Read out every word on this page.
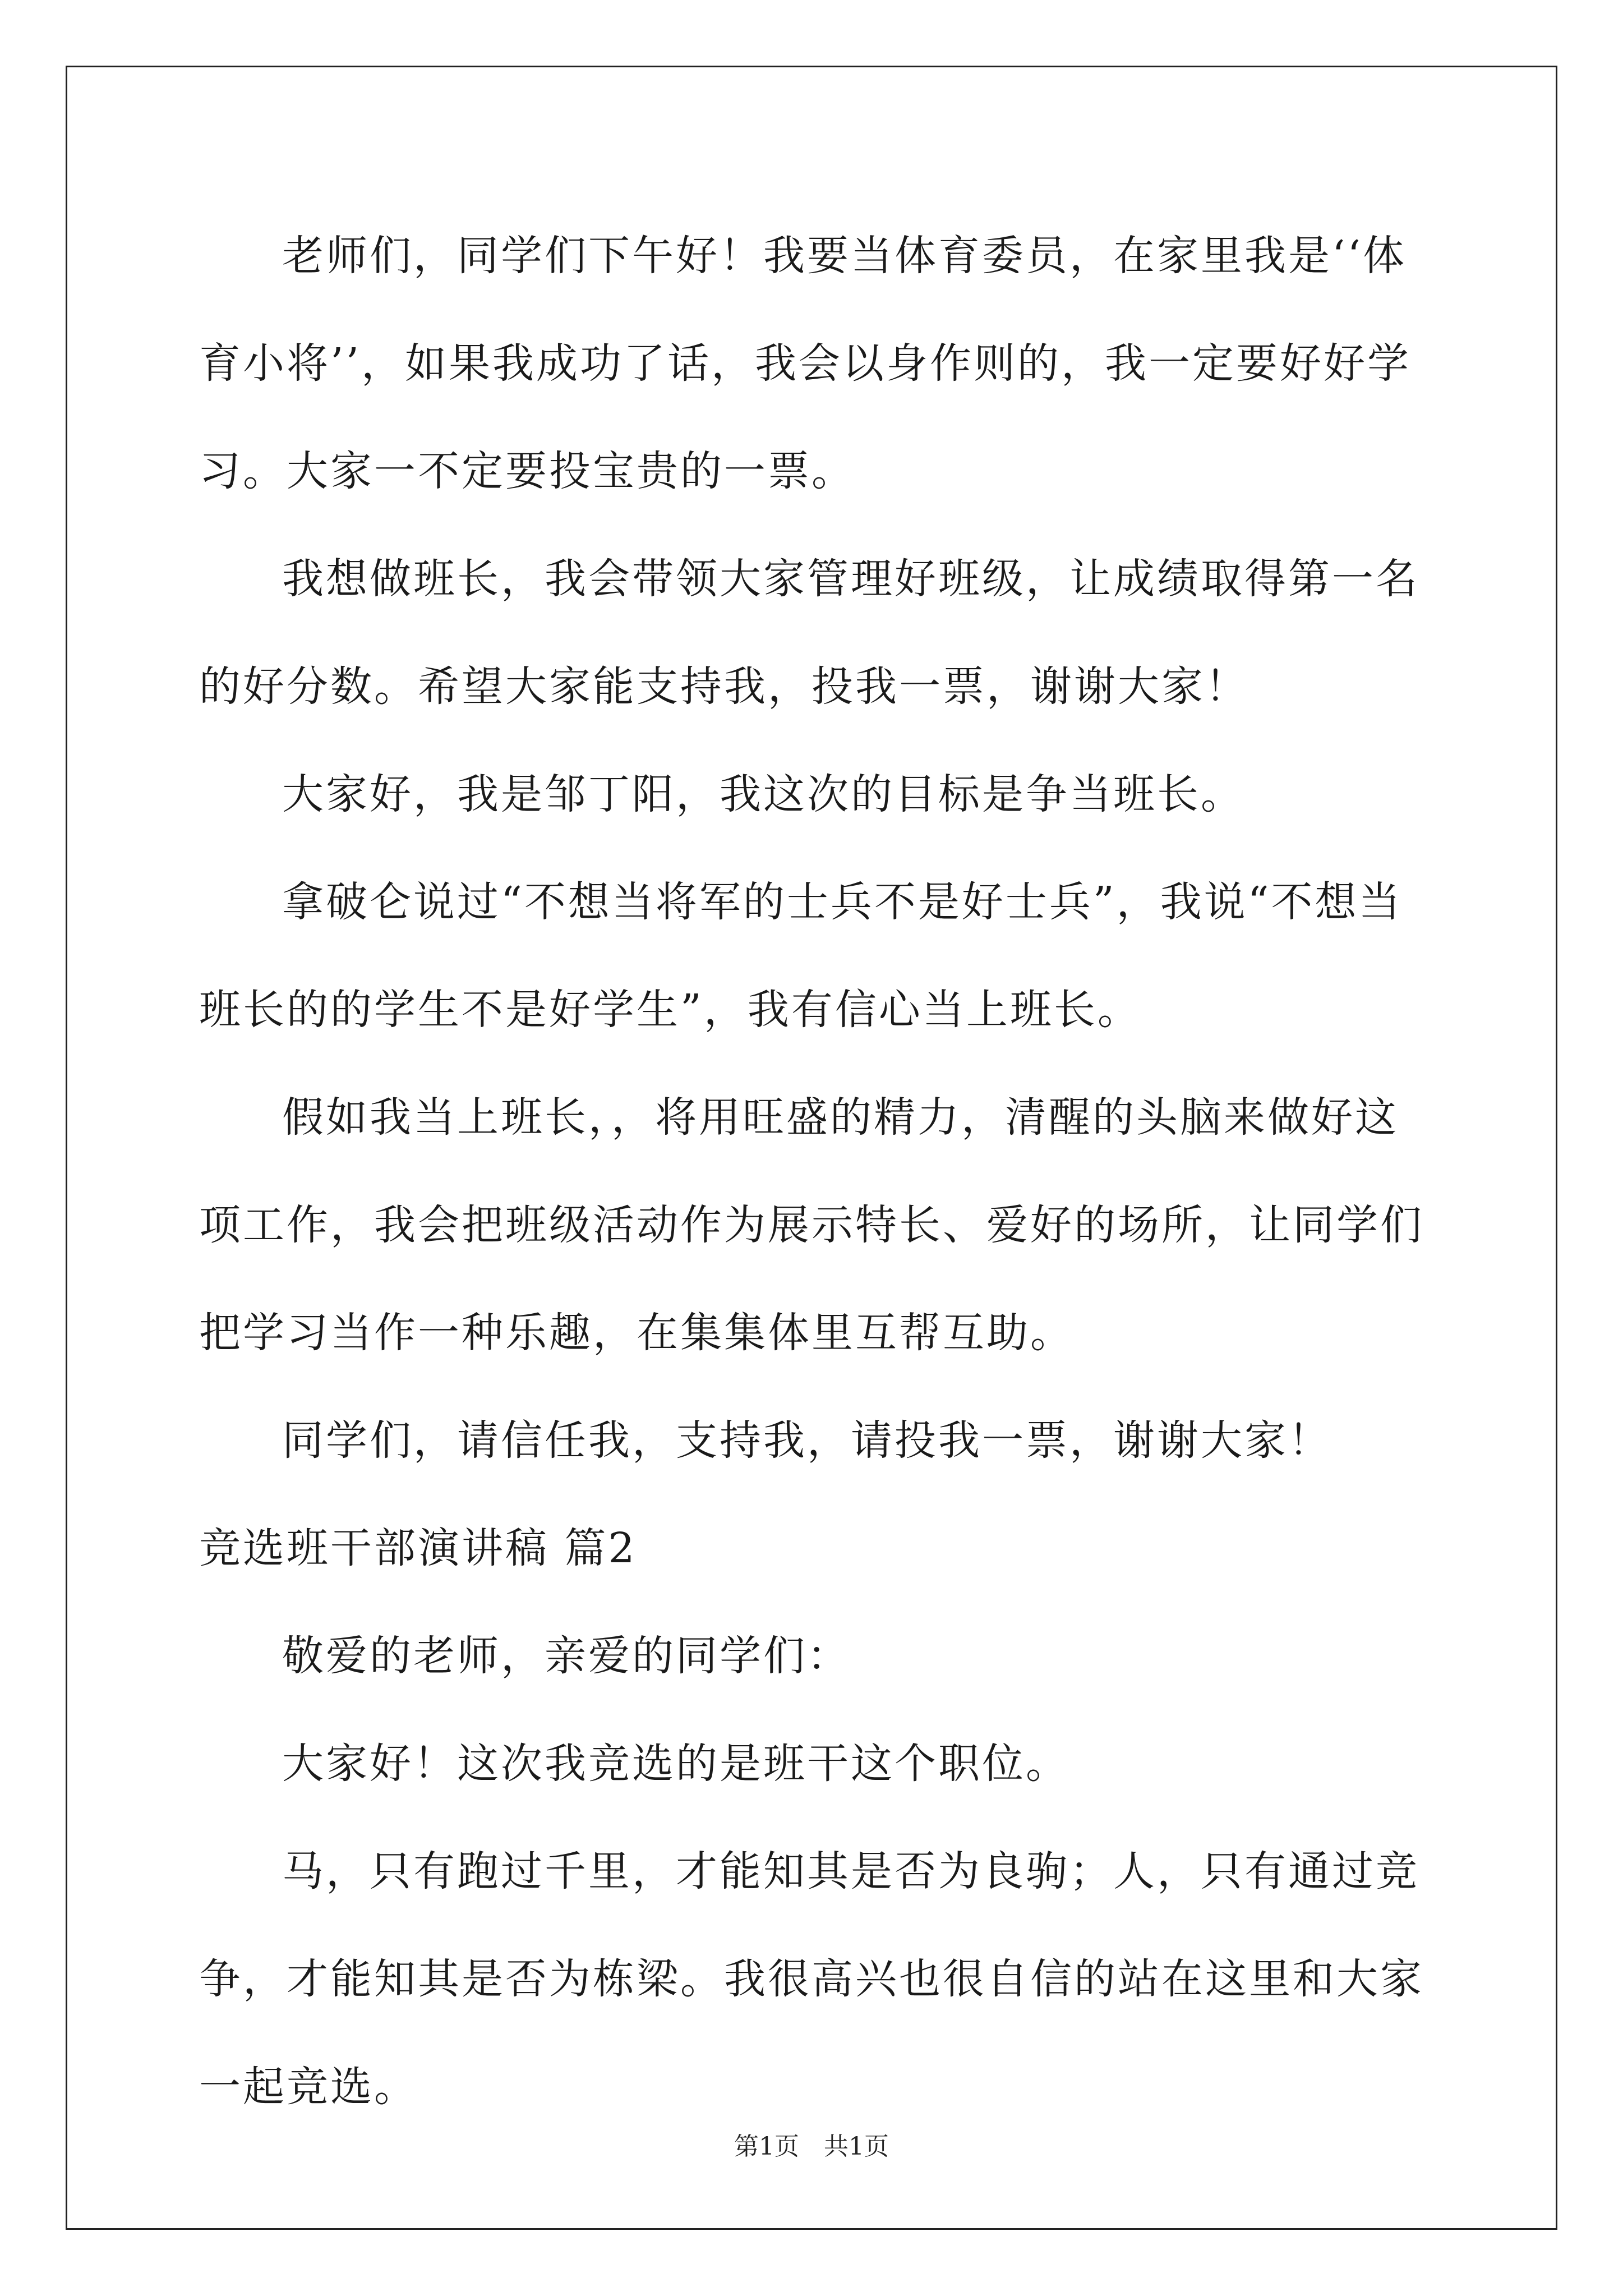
老师们，同学们下午好！我要当体育委员，在家里我是‘‘体育小将’’，如果我成功了话，我会以身作则的，我一定要好好学习。大家一不定要投宝贵的一票。

我想做班长，我会带领大家管理好班级，让成绩取得第一名的好分数。希望大家能支持我，投我一票，谢谢大家！

大家好，我是邹丁阳，我这次的目标是争当班长。

拿破仑说过“不想当将军的士兵不是好士兵”，我说“不想当班长的的学生不是好学生”，我有信心当上班长。

假如我当上班长，，将用旺盛的精力，清醒的头脑来做好这项工作，我会把班级活动作为展示特长、爱好的场所，让同学们把学习当作一种乐趣，在集集体里互帮互助。

同学们，请信任我，支持我，请投我一票，谢谢大家！

竞选班干部演讲稿 篇2

敬爱的老师，亲爱的同学们：

大家好！这次我竞选的是班干这个职位。

马，只有跑过千里，才能知其是否为良驹；人，只有通过竞争，才能知其是否为栋梁。我很高兴也很自信的站在这里和大家一起竞选。

第1页　共1页
